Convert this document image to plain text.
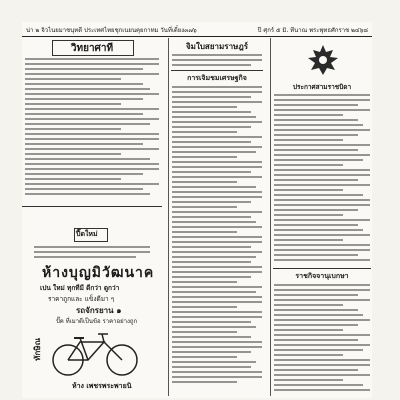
น่า ๒ จิวไนยมาชนุทดี ประเทศไทยชุกเนยนคุยกาทม วันที่เดี๋ยง๓๗๖	ปี ศุกร์ ๕ มิ. ทีนาณ พระพุทธศักราช ๒๔๖๘
วิทยาศาที
ปี๊ดใหม่
ห้างบุญมิวัฒนาค
เปน ใหม่ ทุกทีมี ดีกว่า ดูกว่า
ราคาถูกและ แข็งดีมา ๆ
รถจักรยาน ๑
ปั๊ค ที่เมาดีเป็นข้อ ราคาอย่างถูก
ทักษิณ
ห้าง เพชรพระพายนิ
จิมใบสยามราษฎร์
การเจิมชมเศรษฐกิจ
ประกาศสามราชบิดา
ราชกิจจานุเบกษา
